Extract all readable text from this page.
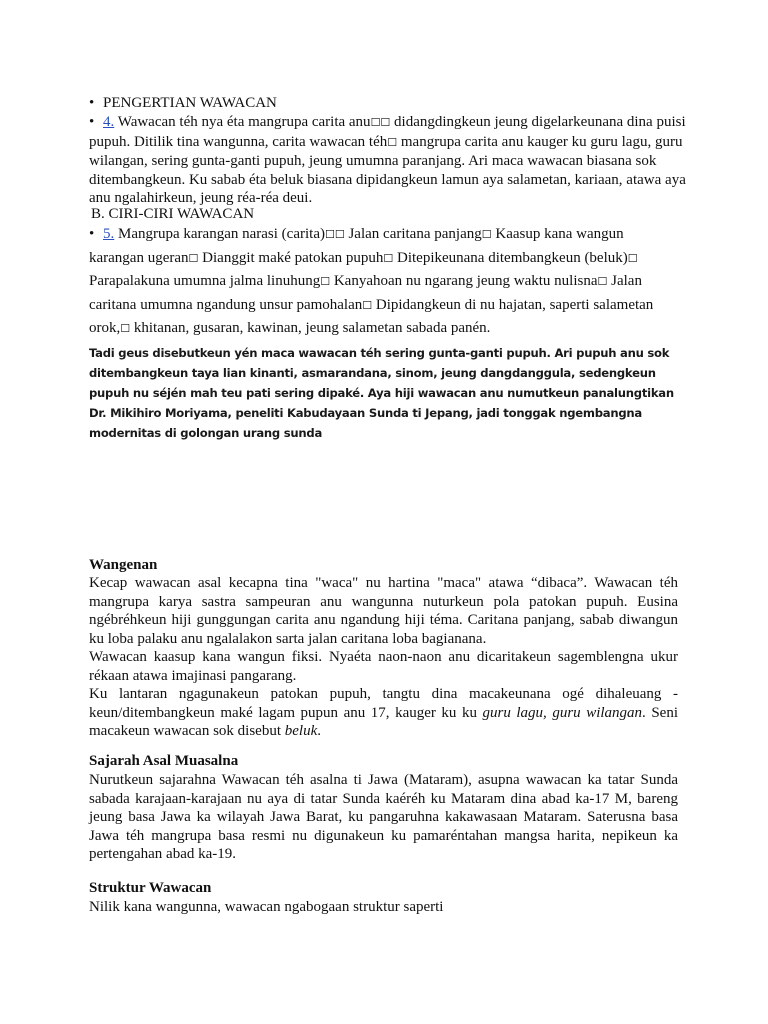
• PENGERTIAN WAWACAN
• 4. Wawacan téh nya éta mangrupa carita anu☐☐ didangdingkeun jeung digelarkeunana dina puisi pupuh. Ditilik tina wangunna, carita wawacan téh☐ mangrupa carita anu kauger ku guru lagu, guru wilangan, sering gunta-ganti pupuh, jeung umumna paranjang. Ari maca wawacan biasana sok ditembangkeun. Ku sabab éta beluk biasana dipidangkeun lamun aya salametan, kariaan, atawa aya anu ngalahirkeun, jeung réa-réa deui.
B. CIRI-CIRI WAWACAN
• 5. Mangrupa karangan narasi (carita)☐☐ Jalan caritana panjang☐ Kaasup kana wangun
karangan ugeran☐ Dianggit maké patokan pupuh☐ Ditepikeunana ditembangkeun (beluk)☐
Parapalakuna umumna jalma linuhung☐ Kanyahoan nu ngarang jeung waktu nulisna☐ Jalan
caritana umumna ngandung unsur pamohalan☐ Dipidangkeun di nu hajatan, saperti salametan
orok,☐ khitanan, gusaran, kawinan, jeung salametan sabada panén.
Tadi geus disebutkeun yén maca wawacan téh sering gunta-ganti pupuh. Ari pupuh anu sok ditembangkeun taya lian kinanti, asmarandana, sinom, jeung dangdanggula, sedengkeun pupuh nu séjén mah teu pati sering dipaké. Aya hiji wawacan anu numutkeun panalungtikan Dr. Mikihiro Moriyama, peneliti Kabudayaan Sunda ti Jepang, jadi tonggak ngembangna modernitas di golongan urang sunda
Wangenan

Kecap wawacan asal kecapna tina "waca" nu hartina "maca" atawa “dibaca”. Wawacan téh mangrupa karya sastra sampeuran anu wangunna nuturkeun pola patokan pupuh. Eusina ngébréhkeun hiji gunggungan carita anu ngandung hiji téma. Caritana panjang, sabab diwangun ku loba palaku anu ngalalakon sarta jalan caritana loba bagianana.

Wawacan kaasup kana wangun fiksi. Nyaéta naon-naon anu dicaritakeun sagemblengna ukur rékaan atawa imajinasi pangarang.

Ku lantaran ngagunakeun patokan pupuh, tangtu dina macakeunana ogé dihaleuang - keun/ditembangkeun maké lagam pupun anu 17, kauger ku ku guru lagu, guru wilangan. Seni macakeun wawacan sok disebut beluk.

Sajarah Asal Muasalna
Nurutkeun sajarahna Wawacan téh asalna ti Jawa (Mataram), asupna wawacan ka tatar Sunda sabada karajaan-karajaan nu aya di tatar Sunda kaéréh ku Mataram dina abad ka-17 M, bareng jeung basa Jawa ka wilayah Jawa Barat, ku pangaruhna kakawasaan Mataram. Saterusna basa Jawa téh mangrupa basa resmi nu digunakeun ku pamaréntahan mangsa harita, nepikeun ka pertengahan abad ka-19.
Struktur Wawacan
Nilik kana wangunna, wawacan ngabogaan struktur saperti
